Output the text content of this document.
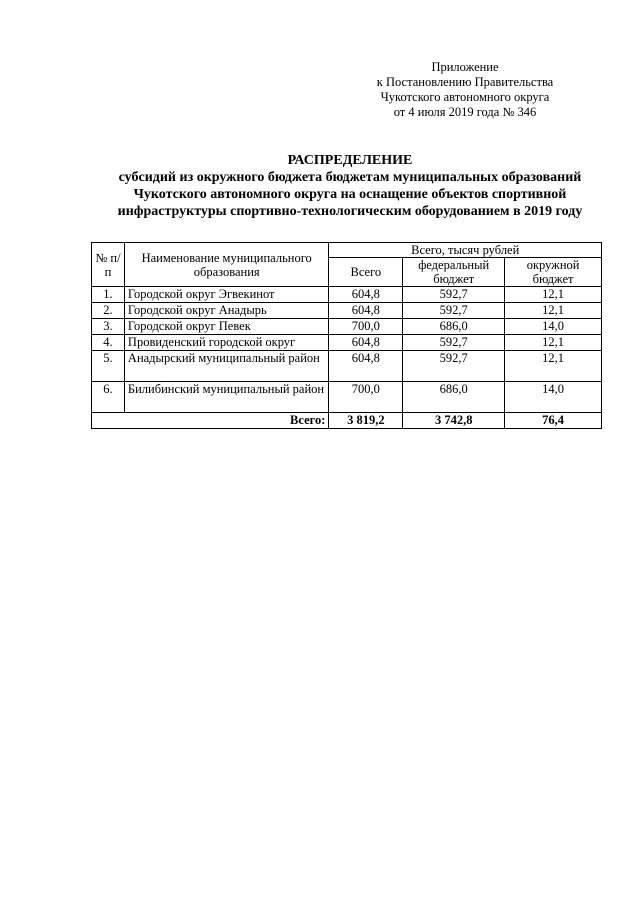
Приложение
к Постановлению Правительства
Чукотского автономного округа
от 4 июля 2019 года № 346
РАСПРЕДЕЛЕНИЕ
субсидий из окружного бюджета бюджетам муниципальных образований
Чукотского автономного округа на оснащение объектов спортивной
инфраструктуры спортивно-технологическим оборудованием в 2019 году
№ п/п	Наименование муниципального образования	Всего, тысяч рублей		
		Всего	федеральный бюджет	окружной бюджет
1.	Городской округ Эгвекинот	604,8	592,7	12,1
2.	Городской округ Анадырь	604,8	592,7	12,1
3.	Городской округ Певек	700,0	686,0	14,0
4.	Провиденский городской округ	604,8	592,7	12,1
5.	Анадырский муниципальный район	604,8	592,7	12,1
6.	Билибинский муниципальный район	700,0	686,0	14,0
Всего:		3 819,2	3 742,8	76,4
